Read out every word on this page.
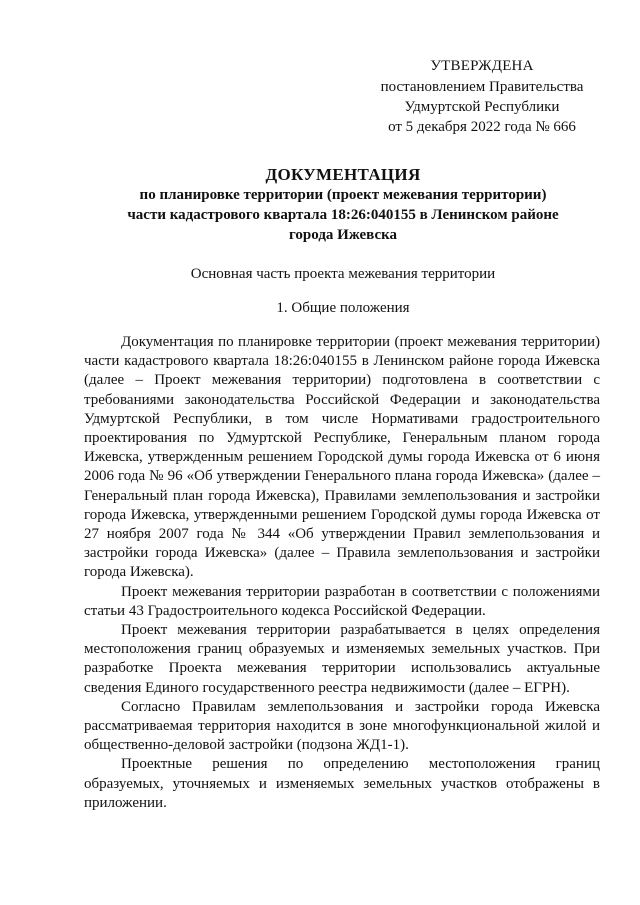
УТВЕРЖДЕНА
постановлением Правительства
Удмуртской Республики
от 5 декабря 2022 года № 666
ДОКУМЕНТАЦИЯ
по планировке территории (проект межевания территории)
части кадастрового квартала 18:26:040155 в Ленинском районе
города Ижевска
Основная часть проекта межевания территории
1. Общие положения

Документация по планировке территории (проект межевания территории) части кадастрового квартала 18:26:040155 в Ленинском районе города Ижевска (далее – Проект межевания территории) подготовлена в соответствии с требованиями законодательства Российской Федерации и законодательства Удмуртской Республики, в том числе Нормативами градостроительного проектирования по Удмуртской Республике, Генеральным планом города Ижевска, утвержденным решением Городской думы города Ижевска от 6 июня 2006 года № 96 «Об утверждении Генерального плана города Ижевска» (далее – Генеральный план города Ижевска), Правилами землепользования и застройки города Ижевска, утвержденными решением Городской думы города Ижевска от 27 ноября 2007 года № 344 «Об утверждении Правил землепользования и застройки города Ижевска» (далее – Правила землепользования и застройки города Ижевска).

Проект межевания территории разработан в соответствии с положениями статьи 43 Градостроительного кодекса Российской Федерации.

Проект межевания территории разрабатывается в целях определения местоположения границ образуемых и изменяемых земельных участков. При разработке Проекта межевания территории использовались актуальные сведения Единого государственного реестра недвижимости (далее – ЕГРН).

Согласно Правилам землепользования и застройки города Ижевска рассматриваемая территория находится в зоне многофункциональной жилой и общественно-деловой застройки (подзона ЖД1-1).

Проектные решения по определению местоположения границ образуемых, уточняемых и изменяемых земельных участков отображены в приложении.
